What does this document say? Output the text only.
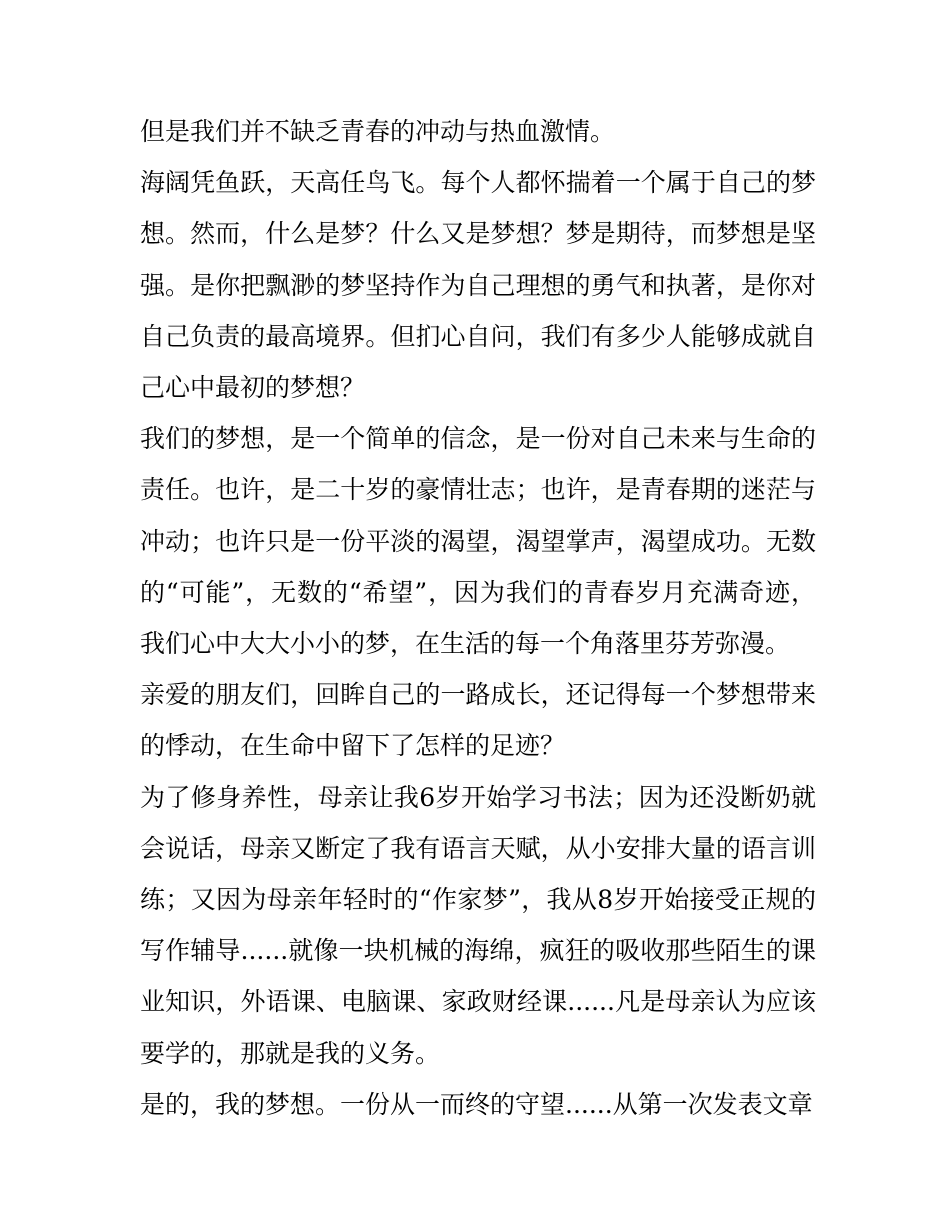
但是我们并不缺乏青春的冲动与热血激情。

海阔凭鱼跃，天高任鸟飞。每个人都怀揣着一个属于自己的梦想。然而，什么是梦？什么又是梦想？梦是期待，而梦想是坚强。是你把飘渺的梦坚持作为自己理想的勇气和执著，是你对自己负责的最高境界。但扪心自问，我们有多少人能够成就自己心中最初的梦想？

我们的梦想，是一个简单的信念，是一份对自己未来与生命的责任。也许，是二十岁的豪情壮志；也许，是青春期的迷茫与冲动；也许只是一份平淡的渴望，渴望掌声，渴望成功。无数的“可能”，无数的“希望”，因为我们的青春岁月充满奇迹，我们心中大大小小的梦，在生活的每一个角落里芬芳弥漫。

亲爱的朋友们，回眸自己的一路成长，还记得每一个梦想带来的悸动，在生命中留下了怎样的足迹？

为了修身养性，母亲让我6岁开始学习书法；因为还没断奶就会说话，母亲又断定了我有语言天赋，从小安排大量的语言训练；又因为母亲年轻时的“作家梦”，我从8岁开始接受正规的写作辅导......就像一块机械的海绵，疯狂的吸收那些陌生的课业知识，外语课、电脑课、家政财经课......凡是母亲认为应该要学的，那就是我的义务。

是的，我的梦想。一份从一而终的守望......从第一次发表文章
